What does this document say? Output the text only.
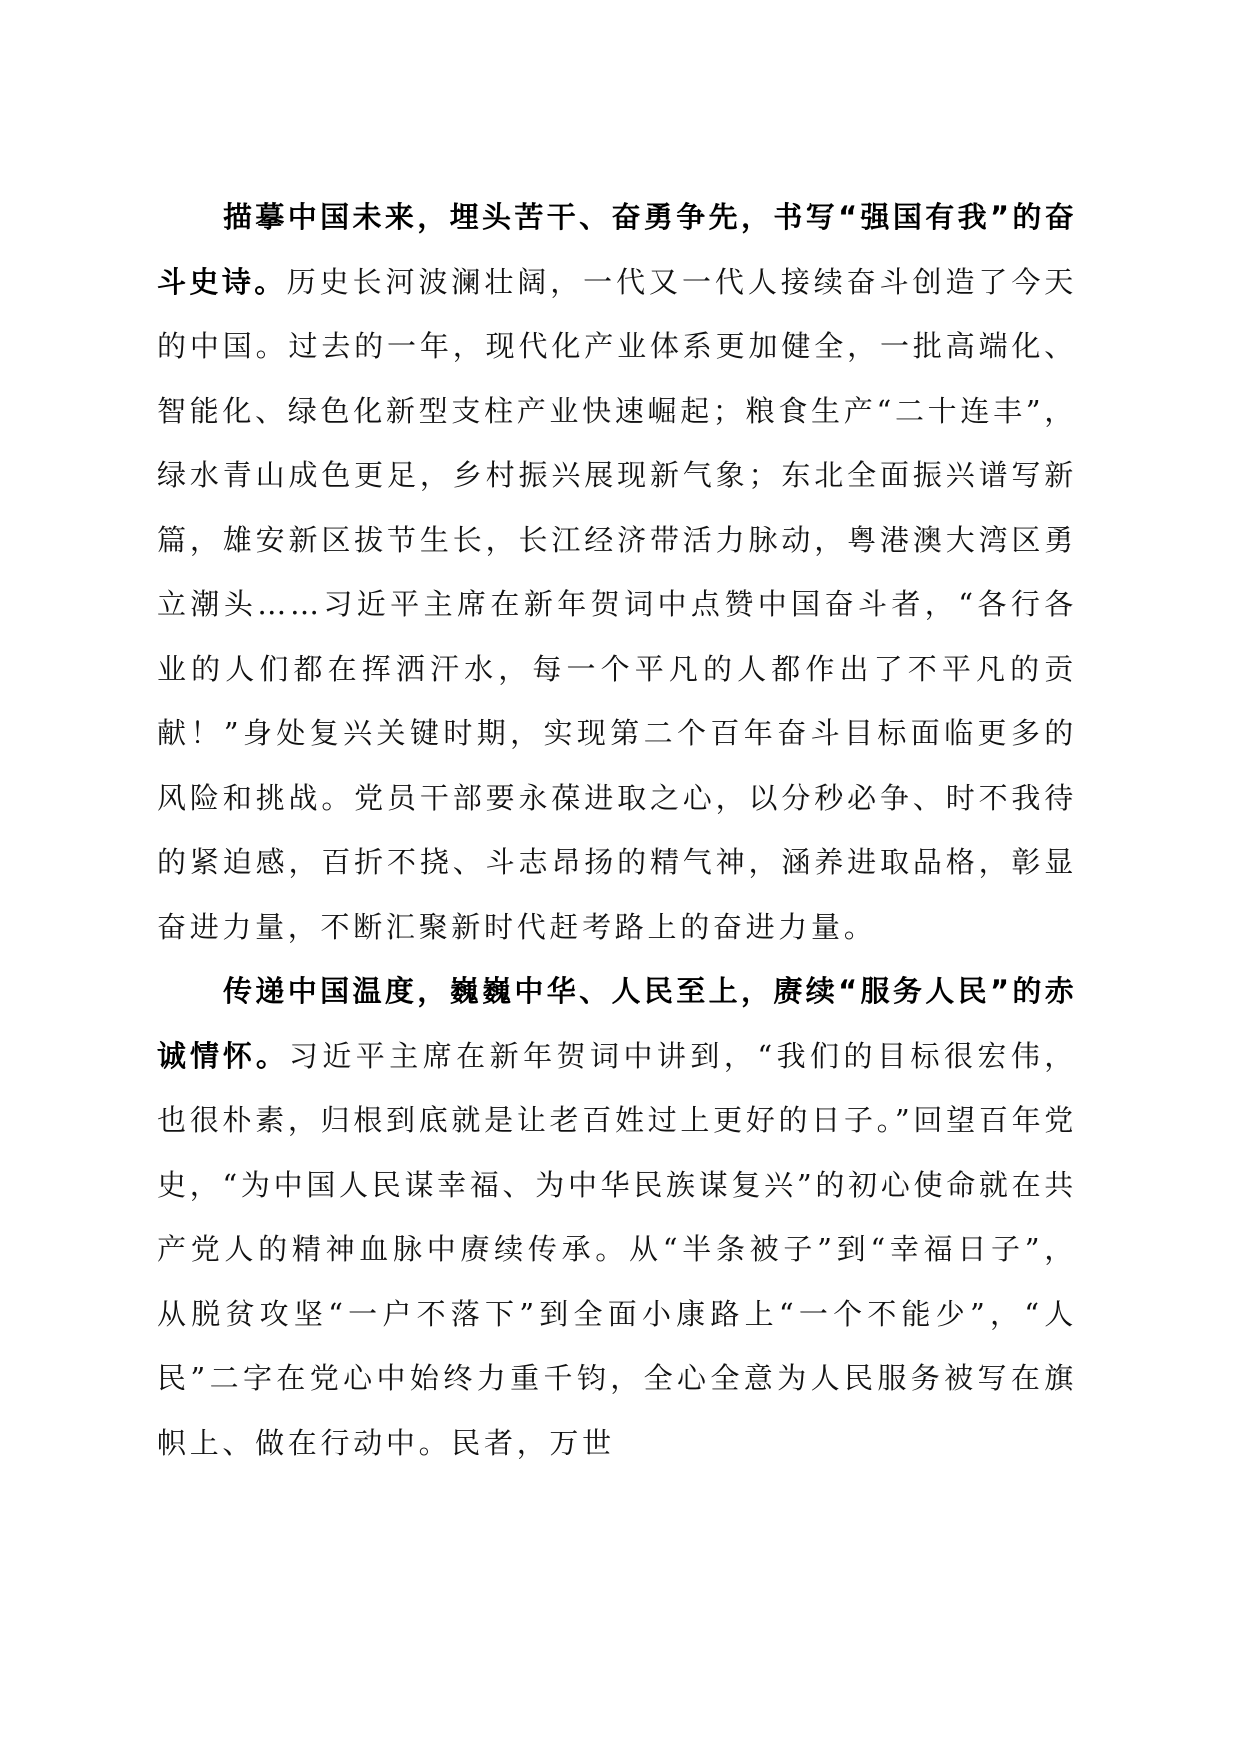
描摹中国未来，埋头苦干、奋勇争先，书写“强国有我”的奋斗史诗。历史长河波澜壮阔，一代又一代人接续奋斗创造了今天的中国。过去的一年，现代化产业体系更加健全，一批高端化、智能化、绿色化新型支柱产业快速崛起；粮食生产“二十连丰”，绿水青山成色更足，乡村振兴展现新气象；东北全面振兴谱写新篇，雄安新区拔节生长，长江经济带活力脉动，粤港澳大湾区勇立潮头……习近平主席在新年贺词中点赞中国奋斗者，“各行各业的人们都在挥洒汗水，每一个平凡的人都作出了不平凡的贡献！”身处复兴关键时期，实现第二个百年奋斗目标面临更多的风险和挑战。党员干部要永葆进取之心，以分秒必争、时不我待的紧迫感，百折不挠、斗志昂扬的精气神，涵养进取品格，彰显奋进力量，不断汇聚新时代赶考路上的奋进力量。

传递中国温度，巍巍中华、人民至上，赓续“服务人民”的赤诚情怀。习近平主席在新年贺词中讲到，“我们的目标很宏伟，也很朴素，归根到底就是让老百姓过上更好的日子。”回望百年党史，“为中国人民谋幸福、为中华民族谋复兴”的初心使命就在共产党人的精神血脉中赓续传承。从“半条被子”到“幸福日子”，从脱贫攻坚“一户不落下”到全面小康路上“一个不能少”，“人民”二字在党心中始终力重千钧，全心全意为人民服务被写在旗帜上、做在行动中。民者，万世
